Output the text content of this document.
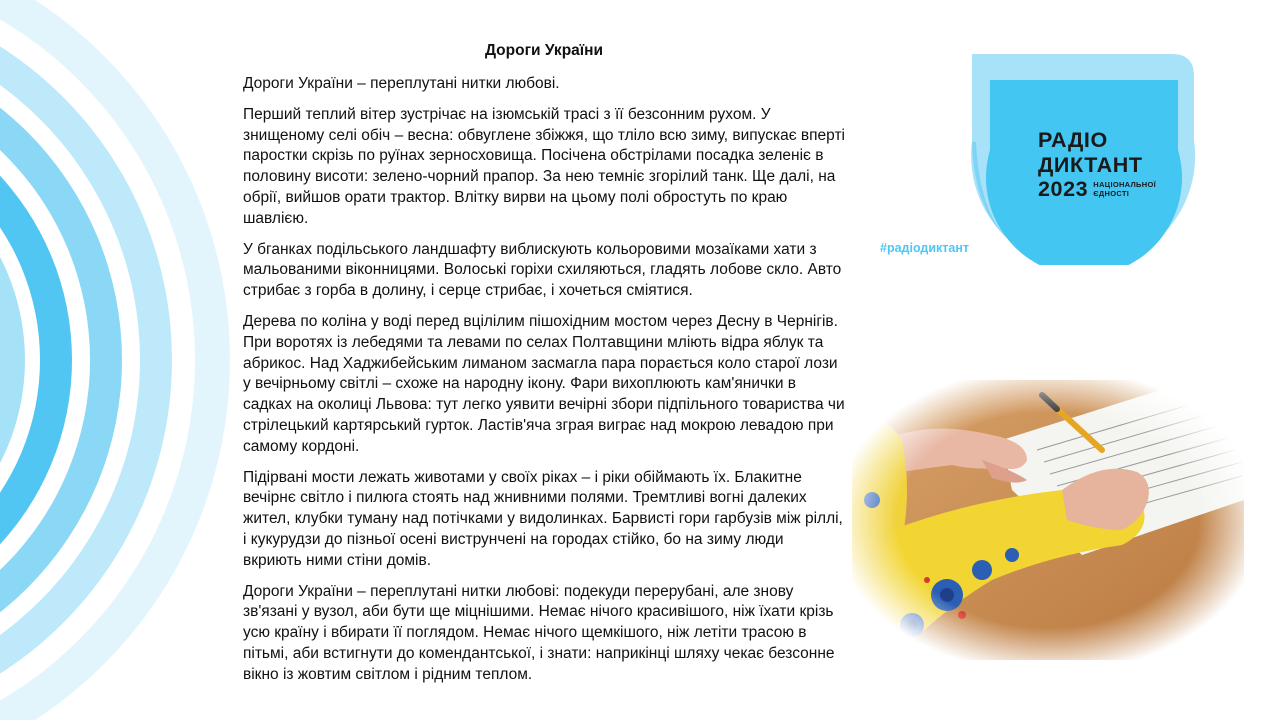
Дороги України

Дороги України – переплутані нитки любові.

Перший теплий вітер зустрічає на ізюмській трасі з її безсонним рухом. У знищеному селі обіч – весна: обвуглене збіжжя, що тліло всю зиму, випускає вперті паростки скрізь по руїнах зерносховища. Посічена обстрілами посадка зеленіє в половину висоти: зелено-чорний прапор. За нею темніє згорілий танк. Ще далі, на обрії, вийшов орати трактор. Влітку вирви на цьому полі обростуть по краю шавлією.

У бганках подільського ландшафту виблискують кольоровими мозаїками хати з мальованими віконницями. Волоські горіхи схиляються, гладять лобове скло. Авто стрибає з горба в долину, і серце стрибає, і хочеться сміятися.

Дерева по коліна у воді перед вцілілим пішохідним мостом через Десну в Чернігів. При воротях із лебедями та левами по селах Полтавщини мліють відра яблук та абрикос. Над Хаджибейським лиманом засмагла пара порається коло старої лози у вечірньому світлі – схоже на народну ікону. Фари вихоплюють кам'янички в садках на околиці Львова: тут легко уявити вечірні збори підпільного товариства чи стрілецький картярський гурток. Ластів'яча зграя виграє над мокрою левадою при самому кордоні.

Підірвані мости лежать животами у своїх ріках – і ріки обіймають їх. Блакитне вечірнє світло і пилюга стоять над жнивними полями. Тремтливі вогні далеких жител, клубки туману над потічками у видолинках. Барвисті гори гарбузів між ріллі, і кукурудзи до пізньої осені виструнчені на городах стійко, бо на зиму люди вкриють ними стіни домів.

Дороги України – переплутані нитки любові: подекуди перерубані, але знову зв'язані у вузол, аби бути ще міцнішими. Немає нічого красивішого, ніж їхати крізь усю країну і вбирати її поглядом. Немає нічого щемкішого, ніж летіти трасою в пітьмі, аби встигнути до комендантської, і знати: наприкінці шляху чекає безсонне вікно із жовтим світлом і рідним теплом.

РАДІО
ДИКТАНТ
2023 НАЦІОНАЛЬНОЇ
ЄДНОСТІ
#радіодиктант
